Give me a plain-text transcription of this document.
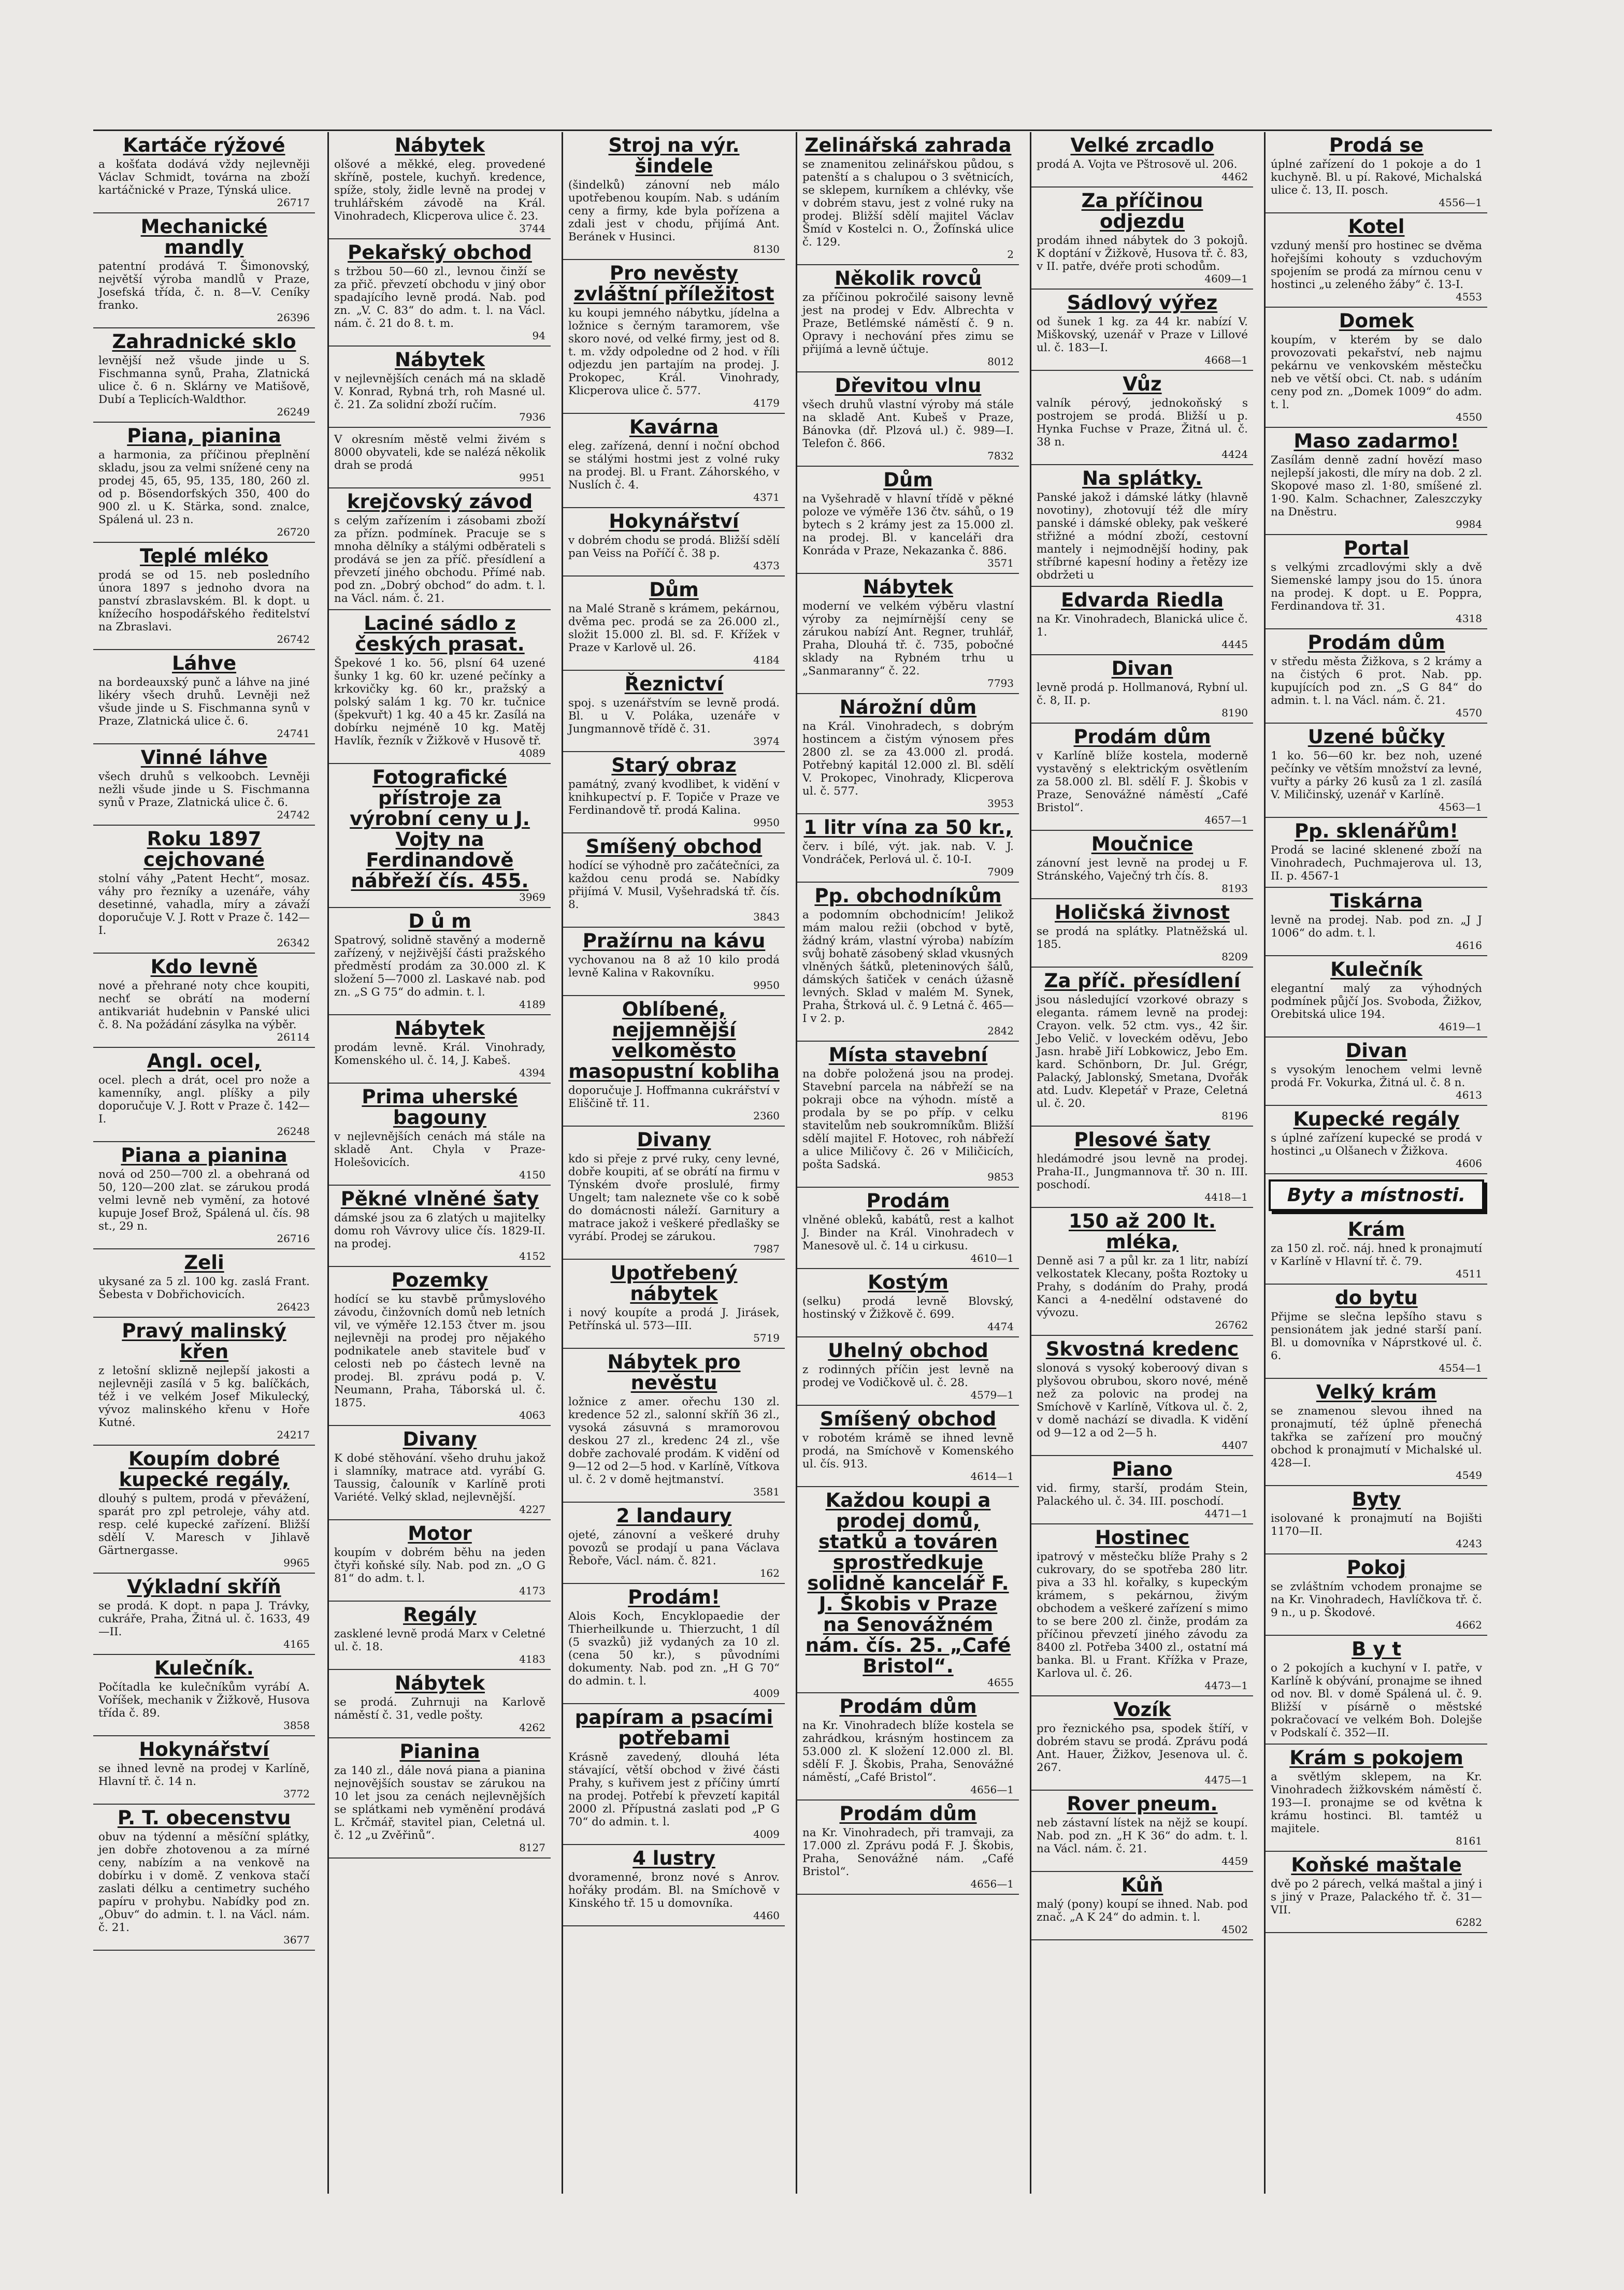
Kartáče rýžové
a košťata dodává vždy nejlevněji Václav Schmidt, továrna na zboží kartáčnické v Praze, Týnská ulice.
26717
Mechanické mandly
patentní prodává T. Šimonovský, největší výroba mandlů v Praze, Josefská třída, č. n. 8—V. Ceníky franko.
26396
Zahradnické sklo
levnější než všude jinde u S. Fischmanna synů, Praha, Zlatnická ulice č. 6 n. Sklárny ve Matišově, Dubí a Teplicích-Waldthor.
26249
Piana, pianina
a harmonia, za příčinou přeplnění skladu, jsou za velmi snížené ceny na prodej 45, 65, 95, 135, 180, 260 zl. od p. Bösendorfských 350, 400 do 900 zl. u K. Stärka, sond. znalce, Spálená ul. 23 n.
26720
Teplé mléko
prodá se od 15. neb posledního února 1897 s jednoho dvora na panství zbraslavském. Bl. k dopt. u knížecího hospodářského ředitelství na Zbraslavi.
26742
Láhve
na bordeauxský punč a láhve na jiné likéry všech druhů. Levněji než všude jinde u S. Fischmanna synů v Praze, Zlatnická ulice č. 6.
24741
Vinné láhve
všech druhů s velkoobch. Levněji nežli všude jinde u S. Fischmanna synů v Praze, Zlatnická ulice č. 6.
24742
Roku 1897 cejchované
stolní váhy „Patent Hecht“, mosaz. váhy pro řezníky a uzenáře, váhy desetinné, vahadla, míry a závaží doporučuje V. J. Rott v Praze č. 142—I.
26342
Kdo levně
nové a přehrané noty chce koupiti, nechť se obrátí na moderní antikvariát hudebnin v Panské ulici č. 8. Na požádání zásylka na výběr.
26114
Angl. ocel,
ocel. plech a drát, ocel pro nože a kamenníky, angl. plíšky a pily doporučuje V. J. Rott v Praze č. 142—I.
26248
Piana a pianina
nová od 250—700 zl. a obehraná od 50, 120—200 zlat. se zárukou prodá velmi levně neb vymění, za hotové kupuje Josef Brož, Spálená ul. čís. 98 st., 29 n.
26716
Zeli
ukysané za 5 zl. 100 kg. zaslá Frant. Šebesta v Dobřichovicích.
26423
Pravý malinský křen
z letošní sklizně nejlepší jakosti a nejlevněji zasílá v 5 kg. balíčkách, též i ve velkém Josef Mikulecký, vývoz malinského křenu v Hoře Kutné.
24217
Koupím dobré kupecké regály,
dlouhý s pultem, prodá v převážení, sparát pro zpl petroleje, váhy atd. resp. celé kupecké zařízení. Bližší sdělí V. Maresch v Jihlavě Gärtnergasse.
9965
Výkladní skříň
se prodá. K dopt. n papa J. Trávky, cukráře, Praha, Žitná ul. č. 1633, 49—II.
4165
Kulečník.
Počítadla ke kulečníkům vyrábí A. Voříšek, mechanik v Žižkově, Husova třída č. 89.
3858
Hokynářství
se ihned levně na prodej v Karlíně, Hlavní tř. č. 14 n.
3772
P. T. obecenstvu
obuv na týdenní a měsíční splátky, jen dobře zhotovenou a za mírné ceny, nabízím a na venkově na dobírku i v domě. Z venkova stačí zaslati délku a centimetry suchého papíru v prohybu. Nabídky pod zn. „Obuv“ do admin. t. l. na Václ. nám. č. 21.
3677
Nábytek
olšové a měkké, eleg. provedené skříně, postele, kuchyň. kredence, spíže, stoly, židle levně na prodej v truhlářském závodě na Král. Vinohradech, Klicperova ulice č. 23.
3744
Pekařský obchod
s tržbou 50—60 zl., levnou činží se za přič. převzetí obchodu v jiný obor spadajícího levně prodá. Nab. pod zn. „V. C. 83“ do adm. t. l. na Václ. nám. č. 21 do 8. t. m.
94
Nábytek
v nejlevnějších cenách má na skladě V. Konrad, Rybná trh, roh Masné ul. č. 21. Za solidní zboží ručím.
7936
V okresním městě velmi živém s 8000 obyvateli, kde se nalézá několik drah se prodá
9951
krejčovský závod
s celým zařízením i zásobami zboží za přízn. podmínek. Pracuje se s mnoha dělníky a stálými odběrateli s prodává se jen za příč. přesídlení a převzetí jiného obchodu. Přímé nab. pod zn. „Dobrý obchod“ do adm. t. l. na Václ. nám. č. 21.
Laciné sádlo z českých prasat.
Špekové 1 ko. 56, plsní 64 uzené šunky 1 kg. 60 kr. uzené pečínky a krkovičky kg. 60 kr., pražský a polský salám 1 kg. 70 kr. tučnice (špekvuřt) 1 kg. 40 a 45 kr. Zasílá na dobírku nejméně 10 kg. Matěj Havlík, řezník v Žižkově v Husově tř.
4089
Fotografické přístroje za výrobní ceny u J. Vojty na Ferdinandově nábřeží čís. 455.
3969
D ů m
Spatrový, solidně stavěný a moderně zařízený, v nejživější části pražského předměstí prodám za 30.000 zl. K složení 5—7000 zl. Laskavé nab. pod zn. „S G 75“ do admin. t. l.
4189
Nábytek
prodám levně. Král. Vinohrady, Komenského ul. č. 14, J. Kabeš.
4394
Prima uherské bagouny
v nejlevnějších cenách má stále na skladě Ant. Chyla v Praze-Holešovicích.
4150
Pěkné vlněné šaty
dámské jsou za 6 zlatých u majitelky domu roh Vávrovy ulice čís. 1829-II. na prodej.
4152
Pozemky
hodící se ku stavbě průmyslového závodu, činžovních domů neb letních vil, ve výměře 12.153 čtver m. jsou nejlevněji na prodej pro nějakého podnikatele aneb stavitele buď v celosti neb po částech levně na prodej. Bl. zprávu podá p. V. Neumann, Praha, Táborská ul. č. 1875.
4063
Divany
K dobé stěhování. všeho druhu jakož i slamníky, matrace atd. vyrábí G. Taussig, čalouník v Karlíně proti Variété. Velký sklad, nejlevnější.
4227
Motor
koupím v dobrém běhu na jeden čtyři koňské síly. Nab. pod zn. „O G 81“ do adm. t. l.
4173
Regály
zasklené levně prodá Marx v Celetné ul. č. 18.
4183
Nábytek
se prodá. Zuhrnuji na Karlově náměstí č. 31, vedle pošty.
4262
Pianina
za 140 zl., dále nová piana a pianina nejnovějších soustav se zárukou na 10 let jsou za cenách nejlevnějších se splátkami neb vyměnění prodává L. Krčmář, stavitel pian, Celetná ul. č. 12 „u Zvěřinů“.
8127
Stroj na výr. šindele
(šindelků) zánovní neb málo upotřebenou koupím. Nab. s udáním ceny a firmy, kde byla pořízena a zdali jest v chodu, přijímá Ant. Beránek v Husinci.
8130
Pro nevěsty zvláštní příležitost
ku koupi jemného nábytku, jídelna a ložnice s černým taramorem, vše skoro nové, od velké firmy, jest od 8. t. m. vždy odpoledne od 2 hod. v říli odjezdu jen partajím na prodej. J. Prokopec, Král. Vinohrady, Klicperova ulice č. 577.
4179
Kavárna
eleg. zařízená, denní i noční obchod se stálými hostmi jest z volné ruky na prodej. Bl. u Frant. Záhorského, v Nuslích č. 4.
4371
Hokynářství
v dobrém chodu se prodá. Bližší sdělí pan Veiss na Poříčí č. 38 p.
4373
Dům
na Malé Straně s krámem, pekárnou, dvěma pec. prodá se za 26.000 zl., složit 15.000 zl. Bl. sd. F. Křížek v Praze v Karlově ul. 26.
4184
Řeznictví
spoj. s uzenářstvím se levně prodá. Bl. u V. Poláka, uzenáře v Jungmannově třídě č. 31.
3974
Starý obraz
památný, zvaný kvodlibet, k vidění v knihkupectví p. F. Topiče v Praze ve Ferdinandově tř. prodá Kalina.
9950
Smíšený obchod
hodící se výhodně pro začátečníci, za každou cenu prodá se. Nabídky přijímá V. Musil, Vyšehradská tř. čís. 8.
3843
Pražírnu na kávu
vychovanou na 8 až 10 kilo prodá levně Kalina v Rakovníku.
9950
Oblíbené, nejjemnější velkoměsto masopustní kobliha
doporučuje J. Hoffmanna cukrářství v Eliščině tř. 11.
2360
Divany
kdo si přeje z prvé ruky, ceny levné, dobře koupiti, ať se obrátí na firmu v Týnském dvoře proslulé, firmy Ungelt; tam naleznete vše co k sobě do domácnosti náleží. Garnitury a matrace jakož i veškeré předlašky se vyrábí. Prodej se zárukou.
7987
Upotřebený nábytek
i nový koupíte a prodá J. Jirásek, Petřínská ul. 573—III.
5719
Nábytek pro nevěstu
ložnice z amer. ořechu 130 zl. kredence 52 zl., salonní skříň 36 zl., vysoká zásuvná s mramorovou deskou 27 zl., kredenc 24 zl., vše dobře zachovalé prodám. K vidění od 9—12 od 2—5 hod. v Karlíně, Vítkova ul. č. 2 v domě hejtmanství.
3581
2 landaury
ojeté, zánovní a veškeré druhy povozů se prodají u pana Václava Řeboře, Václ. nám. č. 821.
162
Prodám!
Alois Koch, Encyklopaedie der Thierheilkunde u. Thierzucht, 1 díl (5 svazků) již vydaných za 10 zl. (cena 50 kr.), s původními dokumenty. Nab. pod zn. „H G 70“ do admin. t. l.
4009
papíram a psacími potřebami
Krásně zavedený, dlouhá léta stávající, větší obchod v živé části Prahy, s kuřivem jest z příčiny úmrtí na prodej. Potřebí k převzetí kapitál 2000 zl. Přípustná zaslati pod „P G 70“ do admin. t. l.
4009
4 lustry
dvoramenné, bronz nové s Anrov. hořáky prodám. Bl. na Smíchově v Kinského tř. 15 u domovníka.
4460
Zelinářská zahrada
se znamenitou zelinářskou půdou, s patenští a s chalupou o 3 světnicích, se sklepem, kurníkem a chlévky, vše v dobrém stavu, jest z volné ruky na prodej. Bližší sdělí majitel Václav Šmíd v Kostelci n. O., Žofínská ulice č. 129.
2
Několik rovců
za příčinou pokročilé saisony levně jest na prodej v Edv. Albrechta v Praze, Betlémské náměstí č. 9 n. Opravy i nechování přes zimu se přijímá a levně účtuje.
8012
Dřevitou vlnu
všech druhů vlastní výroby má stále na skladě Ant. Kubeš v Praze, Bánovka (dř. Plzová ul.) č. 989—I. Telefon č. 866.
7832
Dům
na Vyšehradě v hlavní třídě v pěkné poloze ve výměře 136 čtv. sáhů, o 19 bytech s 2 krámy jest za 15.000 zl. na prodej. Bl. v kanceláři dra Konráda v Praze, Nekazanka č. 886.
3571
Nábytek
moderní ve velkém výběru vlastní výroby za nejmírnější ceny se zárukou nabízí Ant. Regner, truhlář, Praha, Dlouhá tř. č. 735, pobočné sklady na Rybném trhu u „Sanmaranny“ č. 22.
7793
Nárožní dům
na Král. Vinohradech, s dobrým hostincem a čistým výnosem přes 2800 zl. se za 43.000 zl. prodá. Potřebný kapitál 12.000 zl. Bl. sdělí V. Prokopec, Vinohrady, Klicperova ul. č. 577.
3953
1 litr vína za 50 kr.,
červ. i bílé, výt. jak. nab. V. J. Vondráček, Perlová ul. č. 10-I.
7909
Pp. obchodníkům
a podomním obchodnicím! Jelikož mám malou režii (obchod v bytě, žádný krám, vlastní výroba) nabízím svůj bohatě zásobený sklad vkusných vlněných šátků, pleteninových šálů, dámských šatiček v cenách úžasně levných. Sklad v malém M. Synek, Praha, Štrková ul. č. 9 Letná č. 465—I v 2. p.
2842
Místa stavební
na dobře položená jsou na prodej. Stavební parcela na nábřeží se na pokraji obce na výhodn. místě a prodala by se po příp. v celku stavitelům neb soukromníkům. Bližší sdělí majitel F. Hotovec, roh nábřeží a ulice Miličovy č. 26 v Miličicích, pošta Sadská.
9853
Prodám
vlněné obleků, kabátů, rest a kalhot J. Binder na Král. Vinohradech v Manesově ul. č. 14 u cirkusu.
4610—1
Kostým
(selku) prodá levně Blovský, hostinský v Žižkově č. 699.
4474
Uhelný obchod
z rodinných příčin jest levně na prodej ve Vodičkově ul. č. 28.
4579—1
Smíšený obchod
v robotém krámě se ihned levně prodá, na Smíchově v Komenského ul. čís. 913.
4614—1
Každou koupi a prodej domů, statků a továren sprostředkuje solidně kancelář F. J. Škobis v Praze na Senovážném nám. čís. 25. „Café Bristol“.
4655
Prodám dům
na Kr. Vinohradech blíže kostela se zahrádkou, krásným hostincem za 53.000 zl. K složení 12.000 zl. Bl. sdělí F. J. Škobis, Praha, Senovážné náměstí, „Café Bristol“.
4656—1
Prodám dům
na Kr. Vinohradech, při tramvaji, za 17.000 zl. Zprávu podá F. J. Škobis, Praha, Senovážné nám. „Café Bristol“.
4656—1
Velké zrcadlo
prodá A. Vojta ve Pštrosově ul. 206.
4462
Za příčinou odjezdu
prodám ihned nábytek do 3 pokojů. K doptání v Žižkově, Husova tř. č. 83, v II. patře, dvéře proti schodům.
4609—1
Sádlový výřez
od šunek 1 kg. za 44 kr. nabízí V. Miškovský, uzenář v Praze v Lillové ul. č. 183—I.
4668—1
Vůz
valník pérový, jednokoňský s postrojem se prodá. Bližší u p. Hynka Fuchse v Praze, Žitná ul. č. 38 n.
4424
Na splátky.
Panské jakož i dámské látky (hlavně novotiny), zhotovují též dle míry panské i dámské obleky, pak veškeré střižné a módní zboží, cestovní mantely i nejmodnější hodiny, pak stříbrné kapesní hodiny a řetězy ize obdržeti u
Edvarda Riedla
na Kr. Vinohradech, Blanická ulice č. 1.
4445
Divan
levně prodá p. Hollmanová, Rybní ul. č. 8, II. p.
8190
Prodám dům
v Karlíně blíže kostela, moderně vystavěný s elektrickým osvětlením za 58.000 zl. Bl. sdělí F. J. Škobis v Praze, Senovážné náměstí „Café Bristol“.
4657—1
Moučnice
zánovní jest levně na prodej u F. Stránského, Vaječný trh čís. 8.
8193
Holičská živnost
se prodá na splátky. Platněžská ul. 185.
8209
Za příč. přesídlení
jsou následující vzorkové obrazy s eleganta. rámem levně na prodej: Crayon. velk. 52 ctm. vys., 42 šir. Jebo Velič. v loveckém oděvu, Jebo Jasn. hrabě Jiří Lobkowicz, Jebo Em. kard. Schönborn, Dr. Jul. Grégr, Palacký, Jablonský, Smetana, Dvořák atd. Ludv. Klepetář v Praze, Celetná ul. č. 20.
8196
Plesové šaty
hledámodré jsou levně na prodej. Praha-II., Jungmannova tř. 30 n. III. poschodí.
4418—1
150 až 200 lt. mléka,
Denně asi 7 a půl kr. za 1 litr, nabízí velkostatek Klecany, pošta Roztoky u Prahy, s dodáním do Prahy, prodá Kanci a 4-nedělní odstavené do vývozu.
26762
Skvostná kredenc
slonová s vysoký koberoový divan s plyšovou obrubou, skoro nové, méně než za polovic na prodej na Smíchově v Karlíně, Vítkova ul. č. 2, v domě nachází se divadla. K vidění od 9—12 a od 2—5 h.
4407
Piano
vid. firmy, starší, prodám Stein, Palackého ul. č. 34. III. poschodí.
4471—1
Hostinec
ipatrový v městečku blíže Prahy s 2 cukrovary, do se spotřeba 280 litr. piva a 33 hl. kořalky, s kupeckým krámem, s pekárnou, živým obchodem a veškeré zařízení s mimo to se bere 200 zl. činže, prodám za příčinou převzetí jiného závodu za 8400 zl. Potřeba 3400 zl., ostatní má banka. Bl. u Frant. Křížka v Praze, Karlova ul. č. 26.
4473—1
Vozík
pro řeznického psa, spodek štíří, v dobrém stavu se prodá. Zprávu podá Ant. Hauer, Žižkov, Jesenova ul. č. 267.
4475—1
Rover pneum.
neb zástavní lístek na nějž se koupí. Nab. pod zn. „H K 36“ do adm. t. l. na Václ. nám. č. 21.
4459
Kůň
malý (pony) koupí se ihned. Nab. pod znač. „A K 24“ do admin. t. l.
4502
Prodá se
úplné zařízení do 1 pokoje a do 1 kuchyně. Bl. u pí. Rakové, Michalská ulice č. 13, II. posch.
4556—1
Kotel
vzduný menší pro hostinec se dvěma hořejšími kohouty s vzduchovým spojením se prodá za mírnou cenu v hostinci „u zeleného žáby“ č. 13-I.
4553
Domek
koupím, v kterém by se dalo provozovati pekařství, neb najmu pekárnu ve venkovském městečku neb ve větší obci. Ct. nab. s udáním ceny pod zn. „Domek 1009“ do adm. t. l.
4550
Maso zadarmo!
Zasílám denně zadní hovězí maso nejlepší jakosti, dle míry na dob. 2 zl. Skopové maso zl. 1·80, smíšené zl. 1·90. Kalm. Schachner, Zaleszczyky na Dněstru.
9984
Portal
s velkými zrcadlovými skly a dvě Siemenské lampy jsou do 15. února na prodej. K dopt. u E. Poppra, Ferdinandova tř. 31.
4318
Prodám dům
v středu města Žižkova, s 2 krámy a na čistých 6 prot. Nab. pp. kupujících pod zn. „S G 84“ do admin. t. l. na Václ. nám. č. 21.
4570
Uzené bůčky
1 ko. 56—60 kr. bez noh, uzené pečínky ve větším množství za levné, vuřty a párky 26 kusů za 1 zl. zasílá V. Miličinský, uzenář v Karlíně.
4563—1
Pp. sklenářům!
Prodá se laciné sklenené zboží na Vinohradech, Puchmajerova ul. 13, II. p. 4567-1
Tiskárna
levně na prodej. Nab. pod zn. „J J 1006“ do adm. t. l.
4616
Kulečník
elegantní malý za výhodných podmínek půjčí Jos. Svoboda, Žižkov, Orebitská ulice 194.
4619—1
Divan
s vysokým lenochem velmi levně prodá Fr. Vokurka, Žitná ul. č. 8 n.
4613
Kupecké regály
s úplné zařízení kupecké se prodá v hostinci „u Olšanech v Žižkova.
4606
Byty a místnosti.
Krám
za 150 zl. roč. náj. hned k pronajmutí v Karlíně v Hlavní tř. č. 79.
4511
do bytu
Přijme se slečna lepšího stavu s pensionátem jak jedné starší paní. Bl. u domovníka v Náprstkové ul. č. 6.
4554—1
Velký krám
se znamenou slevou ihned na pronajmutí, též úplně přenechá takřka se zařízení pro moučný obchod k pronajmutí v Michalské ul. 428—I.
4549
Byty
isolované k pronajmutí na Bojišti 1170—II.
4243
Pokoj
se zvláštním vchodem pronajme se na Kr. Vinohradech, Havlíčkova tř. č. 9 n., u p. Škodové.
4662
B y t
o 2 pokojích a kuchyní v I. patře, v Karlíně k obývání, pronajme se ihned od nov. Bl. v domě Spálená ul. č. 9. Bližší v písárně o městské pokračovací ve velkém Boh. Dolejše v Podskalí č. 352—II.
Krám s pokojem
a světlým sklepem, na Kr. Vinohradech žižkovském náměstí č. 193—I. pronajme se od května k krámu hostinci. Bl. tamtéž u majitele.
8161
Koňské maštale
dvě po 2 párech, velká maštal a jiný i s jiný v Praze, Palackého tř. č. 31—VII.
6282
